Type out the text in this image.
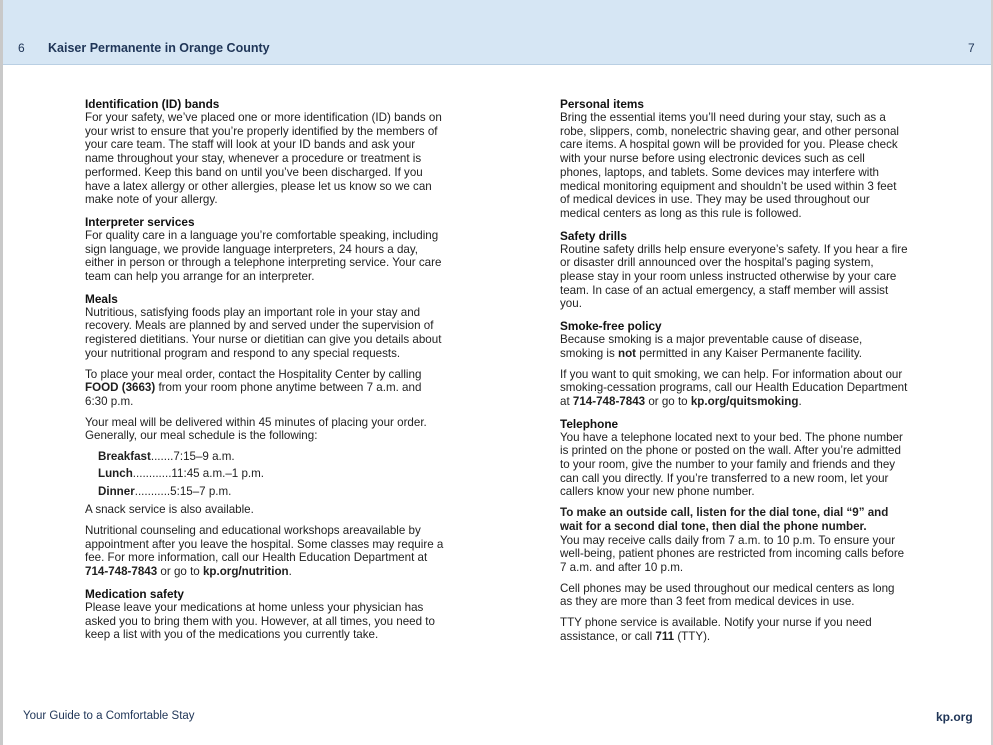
6 Kaiser Permanente in Orange County	7
Identification (ID) bands

For your safety, we’ve placed one or more identification (ID) bands on your wrist to ensure that you’re properly identified by the members of your care team. The staff will look at your ID bands and ask your name throughout your stay, whenever a procedure or treatment is performed. Keep this band on until you’ve been discharged. If you have a latex allergy or other allergies, please let us know so we can make note of your allergy.

Interpreter services

For quality care in a language you’re comfortable speaking, including sign language, we provide language interpreters, 24 hours a day, either in person or through a telephone interpreting service. Your care team can help you arrange for an interpreter.

Meals

Nutritious, satisfying foods play an important role in your stay and recovery. Meals are planned by and served under the supervision of registered dietitians. Your nurse or dietitian can give you details about your nutritional program and respond to any special requests.

To place your meal order, contact the Hospitality Center by calling FOOD (3663) from your room phone anytime between 7 a.m. and 6:30 p.m.

Your meal will be delivered within 45 minutes of placing your order. Generally, our meal schedule is the following:

Breakfast.......7:15–9 a.m.
Lunch............11:45 a.m.–1 p.m.
Dinner...........5:15–7 p.m.

A snack service is also available.

Nutritional counseling and educational workshops areavailable by appointment after you leave the hospital. Some classes may require a fee. For more information, call our Health Education Department at 714-748-7843 or go to kp.org/nutrition.

Medication safety

Please leave your medications at home unless your physician has asked you to bring them with you. However, at all times, you need to keep a list with you of the medications you currently take.

Personal items

Bring the essential items you’ll need during your stay, such as a robe, slippers, comb, nonelectric shaving gear, and other personal care items. A hospital gown will be provided for you. Please check with your nurse before using electronic devices such as cell phones, laptops, and tablets. Some devices may interfere with medical monitoring equipment and shouldn’t be used within 3 feet of medical devices in use. They may be used throughout our medical centers as long as this rule is followed.

Safety drills

Routine safety drills help ensure everyone’s safety. If you hear a fire or disaster drill announced over the hospital’s paging system, please stay in your room unless instructed otherwise by your care team. In case of an actual emergency, a staff member will assist you.

Smoke-free policy

Because smoking is a major preventable cause of disease, smoking is not permitted in any Kaiser Permanente facility.

If you want to quit smoking, we can help. For information about our smoking-cessation programs, call our Health Education Department at 714-748-7843 or go to kp.org/quitsmoking.

Telephone

You have a telephone located next to your bed. The phone number is printed on the phone or posted on the wall. After you’re admitted to your room, give the number to your family and friends and they can call you directly. If you’re transferred to a new room, let your callers know your new phone number.

To make an outside call, listen for the dial tone, dial “9” and wait for a second dial tone, then dial the phone number.

You may receive calls daily from 7 a.m. to 10 p.m. To ensure your well-being, patient phones are restricted from incoming calls before 7 a.m. and after 10 p.m.

Cell phones may be used throughout our medical centers as long as they are more than 3 feet from medical devices in use.

TTY phone service is available. Notify your nurse if you need assistance, or call 711 (TTY).

Your Guide to a Comfortable Stay	kp.org
